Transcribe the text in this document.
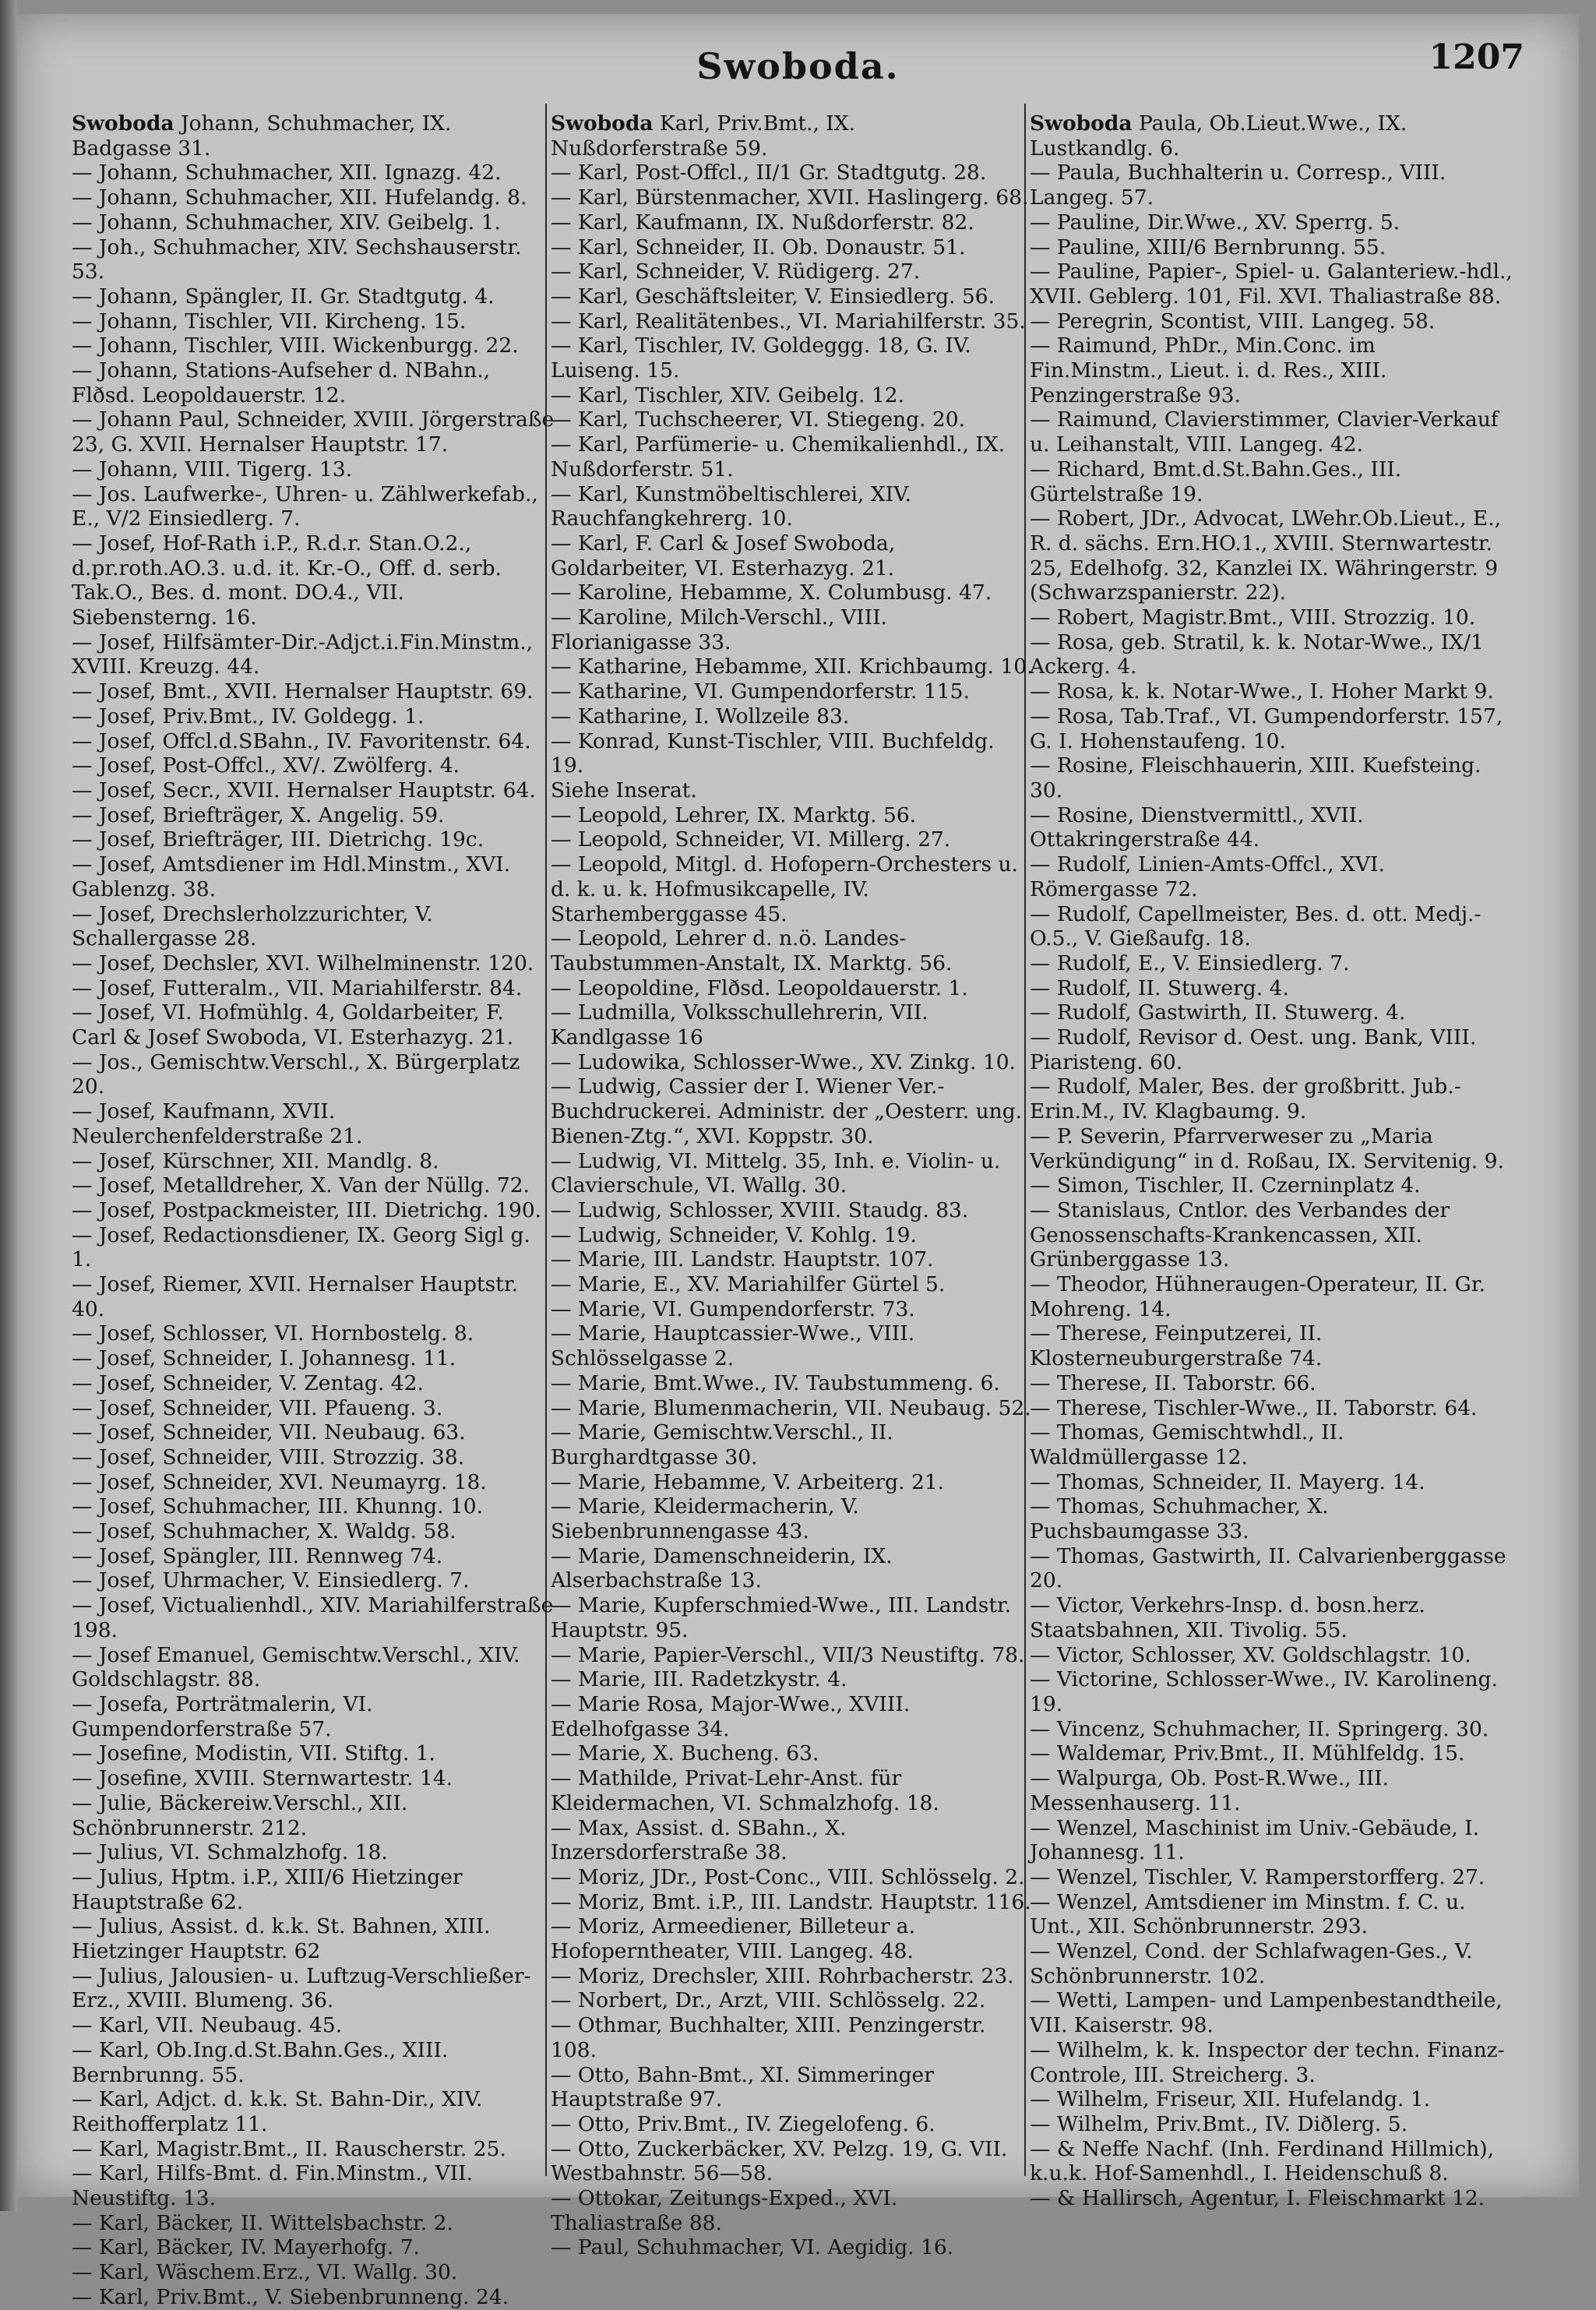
Swoboda.	1207

Swoboda Johann, Schuhmacher, IX. Badgasse 31.

— Johann, Schuhmacher, XII. Ignazg. 42.

— Johann, Schuhmacher, XII. Hufelandg. 8.

— Johann, Schuhmacher, XIV. Geibelg. 1.

— Joh., Schuhmacher, XIV. Sechshauserstr. 53.

— Johann, Spängler, II. Gr. Stadtgutg. 4.

— Johann, Tischler, VII. Kircheng. 15.

— Johann, Tischler, VIII. Wickenburgg. 22.

— Johann, Stations-Aufseher d. NBahn., Flðsd. Leopoldauerstr. 12.

— Johann Paul, Schneider, XVIII. Jörgerstraße 23, G. XVII. Hernalser Hauptstr. 17.

— Johann, VIII. Tigerg. 13.

— Jos. Laufwerke-, Uhren- u. Zählwerkefab., E., V/2 Einsiedlerg. 7.

— Josef, Hof-Rath i.P., R.d.r. Stan.O.2., d.pr.roth.AO.3. u.d. it. Kr.-O., Off. d. serb. Tak.O., Bes. d. mont. DO.4., VII. Siebensterng. 16.

— Josef, Hilfsämter-Dir.-Adjct.i.Fin.Minstm., XVIII. Kreuzg. 44.

— Josef, Bmt., XVII. Hernalser Hauptstr. 69.

— Josef, Priv.Bmt., IV. Goldegg. 1.

— Josef, Offcl.d.SBahn., IV. Favoritenstr. 64.

— Josef, Post-Offcl., XV/. Zwölferg. 4.

— Josef, Secr., XVII. Hernalser Hauptstr. 64.

— Josef, Briefträger, X. Angelig. 59.

— Josef, Briefträger, III. Dietrichg. 19c.

— Josef, Amtsdiener im Hdl.Minstm., XVI. Gablenzg. 38.

— Josef, Drechslerholzzurichter, V. Schallergasse 28.

— Josef, Dechsler, XVI. Wilhelminenstr. 120.

— Josef, Futteralm., VII. Mariahilferstr. 84.

— Josef, VI. Hofmühlg. 4, Goldarbeiter, F. Carl & Josef Swoboda, VI. Esterhazyg. 21.

— Jos., Gemischtw.Verschl., X. Bürgerplatz 20.

— Josef, Kaufmann, XVII. Neulerchenfelderstraße 21.

— Josef, Kürschner, XII. Mandlg. 8.

— Josef, Metalldreher, X. Van der Nüllg. 72.

— Josef, Postpackmeister, III. Dietrichg. 190.

— Josef, Redactionsdiener, IX. Georg Sigl g. 1.

— Josef, Riemer, XVII. Hernalser Hauptstr. 40.

— Josef, Schlosser, VI. Hornbostelg. 8.

— Josef, Schneider, I. Johannesg. 11.

— Josef, Schneider, V. Zentag. 42.

— Josef, Schneider, VII. Pfaueng. 3.

— Josef, Schneider, VII. Neubaug. 63.

— Josef, Schneider, VIII. Strozzig. 38.

— Josef, Schneider, XVI. Neumayrg. 18.

— Josef, Schuhmacher, III. Khunng. 10.

— Josef, Schuhmacher, X. Waldg. 58.

— Josef, Spängler, III. Rennweg 74.

— Josef, Uhrmacher, V. Einsiedlerg. 7.

— Josef, Victualienhdl., XIV. Mariahilferstraße 198.

— Josef Emanuel, Gemischtw.Verschl., XIV. Goldschlagstr. 88.

— Josefa, Porträtmalerin, VI. Gumpendorferstraße 57.

— Josefine, Modistin, VII. Stiftg. 1.

— Josefine, XVIII. Sternwartestr. 14.

— Julie, Bäckereiw.Verschl., XII. Schönbrunnerstr. 212.

— Julius, VI. Schmalzhofg. 18.

— Julius, Hptm. i.P., XIII/6 Hietzinger Hauptstraße 62.

— Julius, Assist. d. k.k. St. Bahnen, XIII. Hietzinger Hauptstr. 62

— Julius, Jalousien- u. Luftzug-Verschließer-Erz., XVIII. Blumeng. 36.

— Karl, VII. Neubaug. 45.

— Karl, Ob.Ing.d.St.Bahn.Ges., XIII. Bernbrunng. 55.

— Karl, Adjct. d. k.k. St. Bahn-Dir., XIV. Reithofferplatz 11.

— Karl, Magistr.Bmt., II. Rauscherstr. 25.

— Karl, Hilfs-Bmt. d. Fin.Minstm., VII. Neustiftg. 13.

— Karl, Bäcker, II. Wittelsbachstr. 2.

— Karl, Bäcker, IV. Mayerhofg. 7.

— Karl, Wäschem.Erz., VI. Wallg. 30.

— Karl, Priv.Bmt., V. Siebenbrunneng. 24.

Swoboda Karl, Priv.Bmt., IX. Nußdorferstraße 59.

— Karl, Post-Offcl., II/1 Gr. Stadtgutg. 28.

— Karl, Bürstenmacher, XVII. Haslingerg. 68.

— Karl, Kaufmann, IX. Nußdorferstr. 82.

— Karl, Schneider, II. Ob. Donaustr. 51.

— Karl, Schneider, V. Rüdigerg. 27.

— Karl, Geschäftsleiter, V. Einsiedlerg. 56.

— Karl, Realitätenbes., VI. Mariahilferstr. 35.

— Karl, Tischler, IV. Goldeggg. 18, G. IV. Luiseng. 15.

— Karl, Tischler, XIV. Geibelg. 12.

— Karl, Tuchscheerer, VI. Stiegeng. 20.

— Karl, Parfümerie- u. Chemikalienhdl., IX. Nußdorferstr. 51.

— Karl, Kunstmöbeltischlerei, XIV. Rauchfangkehrerg. 10.

— Karl, F. Carl & Josef Swoboda, Goldarbeiter, VI. Esterhazyg. 21.

— Karoline, Hebamme, X. Columbusg. 47.

— Karoline, Milch-Verschl., VIII. Florianigasse 33.

— Katharine, Hebamme, XII. Krichbaumg. 10.

— Katharine, VI. Gumpendorferstr. 115.

— Katharine, I. Wollzeile 83.

— Konrad, Kunst-Tischler, VIII. Buchfeldg. 19.

Siehe Inserat.

— Leopold, Lehrer, IX. Marktg. 56.

— Leopold, Schneider, VI. Millerg. 27.

— Leopold, Mitgl. d. Hofopern-Orchesters u. d. k. u. k. Hofmusikcapelle, IV. Starhemberggasse 45.

— Leopold, Lehrer d. n.ö. Landes-Taubstummen-Anstalt, IX. Marktg. 56.

— Leopoldine, Flðsd. Leopoldauerstr. 1.

— Ludmilla, Volksschullehrerin, VII. Kandlgasse 16

— Ludowika, Schlosser-Wwe., XV. Zinkg. 10.

— Ludwig, Cassier der I. Wiener Ver.-Buchdruckerei. Administr. der „Oesterr. ung. Bienen-Ztg.“, XVI. Koppstr. 30.

— Ludwig, VI. Mittelg. 35, Inh. e. Violin- u. Clavierschule, VI. Wallg. 30.

— Ludwig, Schlosser, XVIII. Staudg. 83.

— Ludwig, Schneider, V. Kohlg. 19.

— Marie, III. Landstr. Hauptstr. 107.

— Marie, E., XV. Mariahilfer Gürtel 5.

— Marie, VI. Gumpendorferstr. 73.

— Marie, Hauptcassier-Wwe., VIII. Schlösselgasse 2.

— Marie, Bmt.Wwe., IV. Taubstummeng. 6.

— Marie, Blumenmacherin, VII. Neubaug. 52.

— Marie, Gemischtw.Verschl., II. Burghardtgasse 30.

— Marie, Hebamme, V. Arbeiterg. 21.

— Marie, Kleidermacherin, V. Siebenbrunnengasse 43.

— Marie, Damenschneiderin, IX. Alserbachstraße 13.

— Marie, Kupferschmied-Wwe., III. Landstr. Hauptstr. 95.

— Marie, Papier-Verschl., VII/3 Neustiftg. 78.

— Marie, III. Radetzkystr. 4.

— Marie Rosa, Major-Wwe., XVIII. Edelhofgasse 34.

— Marie, X. Bucheng. 63.

— Mathilde, Privat-Lehr-Anst. für Kleidermachen, VI. Schmalzhofg. 18.

— Max, Assist. d. SBahn., X. Inzersdorferstraße 38.

— Moriz, JDr., Post-Conc., VIII. Schlösselg. 2.

— Moriz, Bmt. i.P., III. Landstr. Hauptstr. 116.

— Moriz, Armeediener, Billeteur a. Hofoperntheater, VIII. Langeg. 48.

— Moriz, Drechsler, XIII. Rohrbacherstr. 23.

— Norbert, Dr., Arzt, VIII. Schlösselg. 22.

— Othmar, Buchhalter, XIII. Penzingerstr. 108.

— Otto, Bahn-Bmt., XI. Simmeringer Hauptstraße 97.

— Otto, Priv.Bmt., IV. Ziegelofeng. 6.

— Otto, Zuckerbäcker, XV. Pelzg. 19, G. VII. Westbahnstr. 56—58.

— Ottokar, Zeitungs-Exped., XVI. Thaliastraße 88.

— Paul, Schuhmacher, VI. Aegidig. 16.

Swoboda Paula, Ob.Lieut.Wwe., IX. Lustkandlg. 6.

— Paula, Buchhalterin u. Corresp., VIII. Langeg. 57.

— Pauline, Dir.Wwe., XV. Sperrg. 5.

— Pauline, XIII/6 Bernbrunng. 55.

— Pauline, Papier-, Spiel- u. Galanteriew.-hdl., XVII. Geblerg. 101, Fil. XVI. Thaliastraße 88.

— Peregrin, Scontist, VIII. Langeg. 58.

— Raimund, PhDr., Min.Conc. im Fin.Minstm., Lieut. i. d. Res., XIII. Penzingerstraße 93.

— Raimund, Clavierstimmer, Clavier-Verkauf u. Leihanstalt, VIII. Langeg. 42.

— Richard, Bmt.d.St.Bahn.Ges., III. Gürtelstraße 19.

— Robert, JDr., Advocat, LWehr.Ob.Lieut., E., R. d. sächs. Ern.HO.1., XVIII. Sternwartestr. 25, Edelhofg. 32, Kanzlei IX. Währingerstr. 9 (Schwarzspanierstr. 22).

— Robert, Magistr.Bmt., VIII. Strozzig. 10.

— Rosa, geb. Stratil, k. k. Notar-Wwe., IX/1 Ackerg. 4.

— Rosa, k. k. Notar-Wwe., I. Hoher Markt 9.

— Rosa, Tab.Traf., VI. Gumpendorferstr. 157, G. I. Hohenstaufeng. 10.

— Rosine, Fleischhauerin, XIII. Kuefsteing. 30.

— Rosine, Dienstvermittl., XVII. Ottakringerstraße 44.

— Rudolf, Linien-Amts-Offcl., XVI. Römergasse 72.

— Rudolf, Capellmeister, Bes. d. ott. Medj.-O.5., V. Gießaufg. 18.

— Rudolf, E., V. Einsiedlerg. 7.

— Rudolf, II. Stuwerg. 4.

— Rudolf, Gastwirth, II. Stuwerg. 4.

— Rudolf, Revisor d. Oest. ung. Bank, VIII. Piaristeng. 60.

— Rudolf, Maler, Bes. der großbritt. Jub.-Erin.M., IV. Klagbaumg. 9.

— P. Severin, Pfarrverweser zu „Maria Verkündigung“ in d. Roßau, IX. Servitenig. 9.

— Simon, Tischler, II. Czerninplatz 4.

— Stanislaus, Cntlor. des Verbandes der Genossenschafts-Krankencassen, XII. Grünberggasse 13.

— Theodor, Hühneraugen-Operateur, II. Gr. Mohreng. 14.

— Therese, Feinputzerei, II. Klosterneuburgerstraße 74.

— Therese, II. Taborstr. 66.

— Therese, Tischler-Wwe., II. Taborstr. 64.

— Thomas, Gemischtwhdl., II. Waldmüllergasse 12.

— Thomas, Schneider, II. Mayerg. 14.

— Thomas, Schuhmacher, X. Puchsbaumgasse 33.

— Thomas, Gastwirth, II. Calvarienberggasse 20.

— Victor, Verkehrs-Insp. d. bosn.herz. Staatsbahnen, XII. Tivolig. 55.

— Victor, Schlosser, XV. Goldschlagstr. 10.

— Victorine, Schlosser-Wwe., IV. Karolineng. 19.

— Vincenz, Schuhmacher, II. Springerg. 30.

— Waldemar, Priv.Bmt., II. Mühlfeldg. 15.

— Walpurga, Ob. Post-R.Wwe., III. Messenhauserg. 11.

— Wenzel, Maschinist im Univ.-Gebäude, I. Johannesg. 11.

— Wenzel, Tischler, V. Ramperstorfferg. 27.

— Wenzel, Amtsdiener im Minstm. f. C. u. Unt., XII. Schönbrunnerstr. 293.

— Wenzel, Cond. der Schlafwagen-Ges., V. Schönbrunnerstr. 102.

— Wetti, Lampen- und Lampenbestandtheile, VII. Kaiserstr. 98.

— Wilhelm, k. k. Inspector der techn. Finanz-Controle, III. Streicherg. 3.

— Wilhelm, Friseur, XII. Hufelandg. 1.

— Wilhelm, Priv.Bmt., IV. Diðlerg. 5.

— & Neffe Nachf. (Inh. Ferdinand Hillmich), k.u.k. Hof-Samenhdl., I. Heidenschuß 8.

— & Hallirsch, Agentur, I. Fleischmarkt 12.
